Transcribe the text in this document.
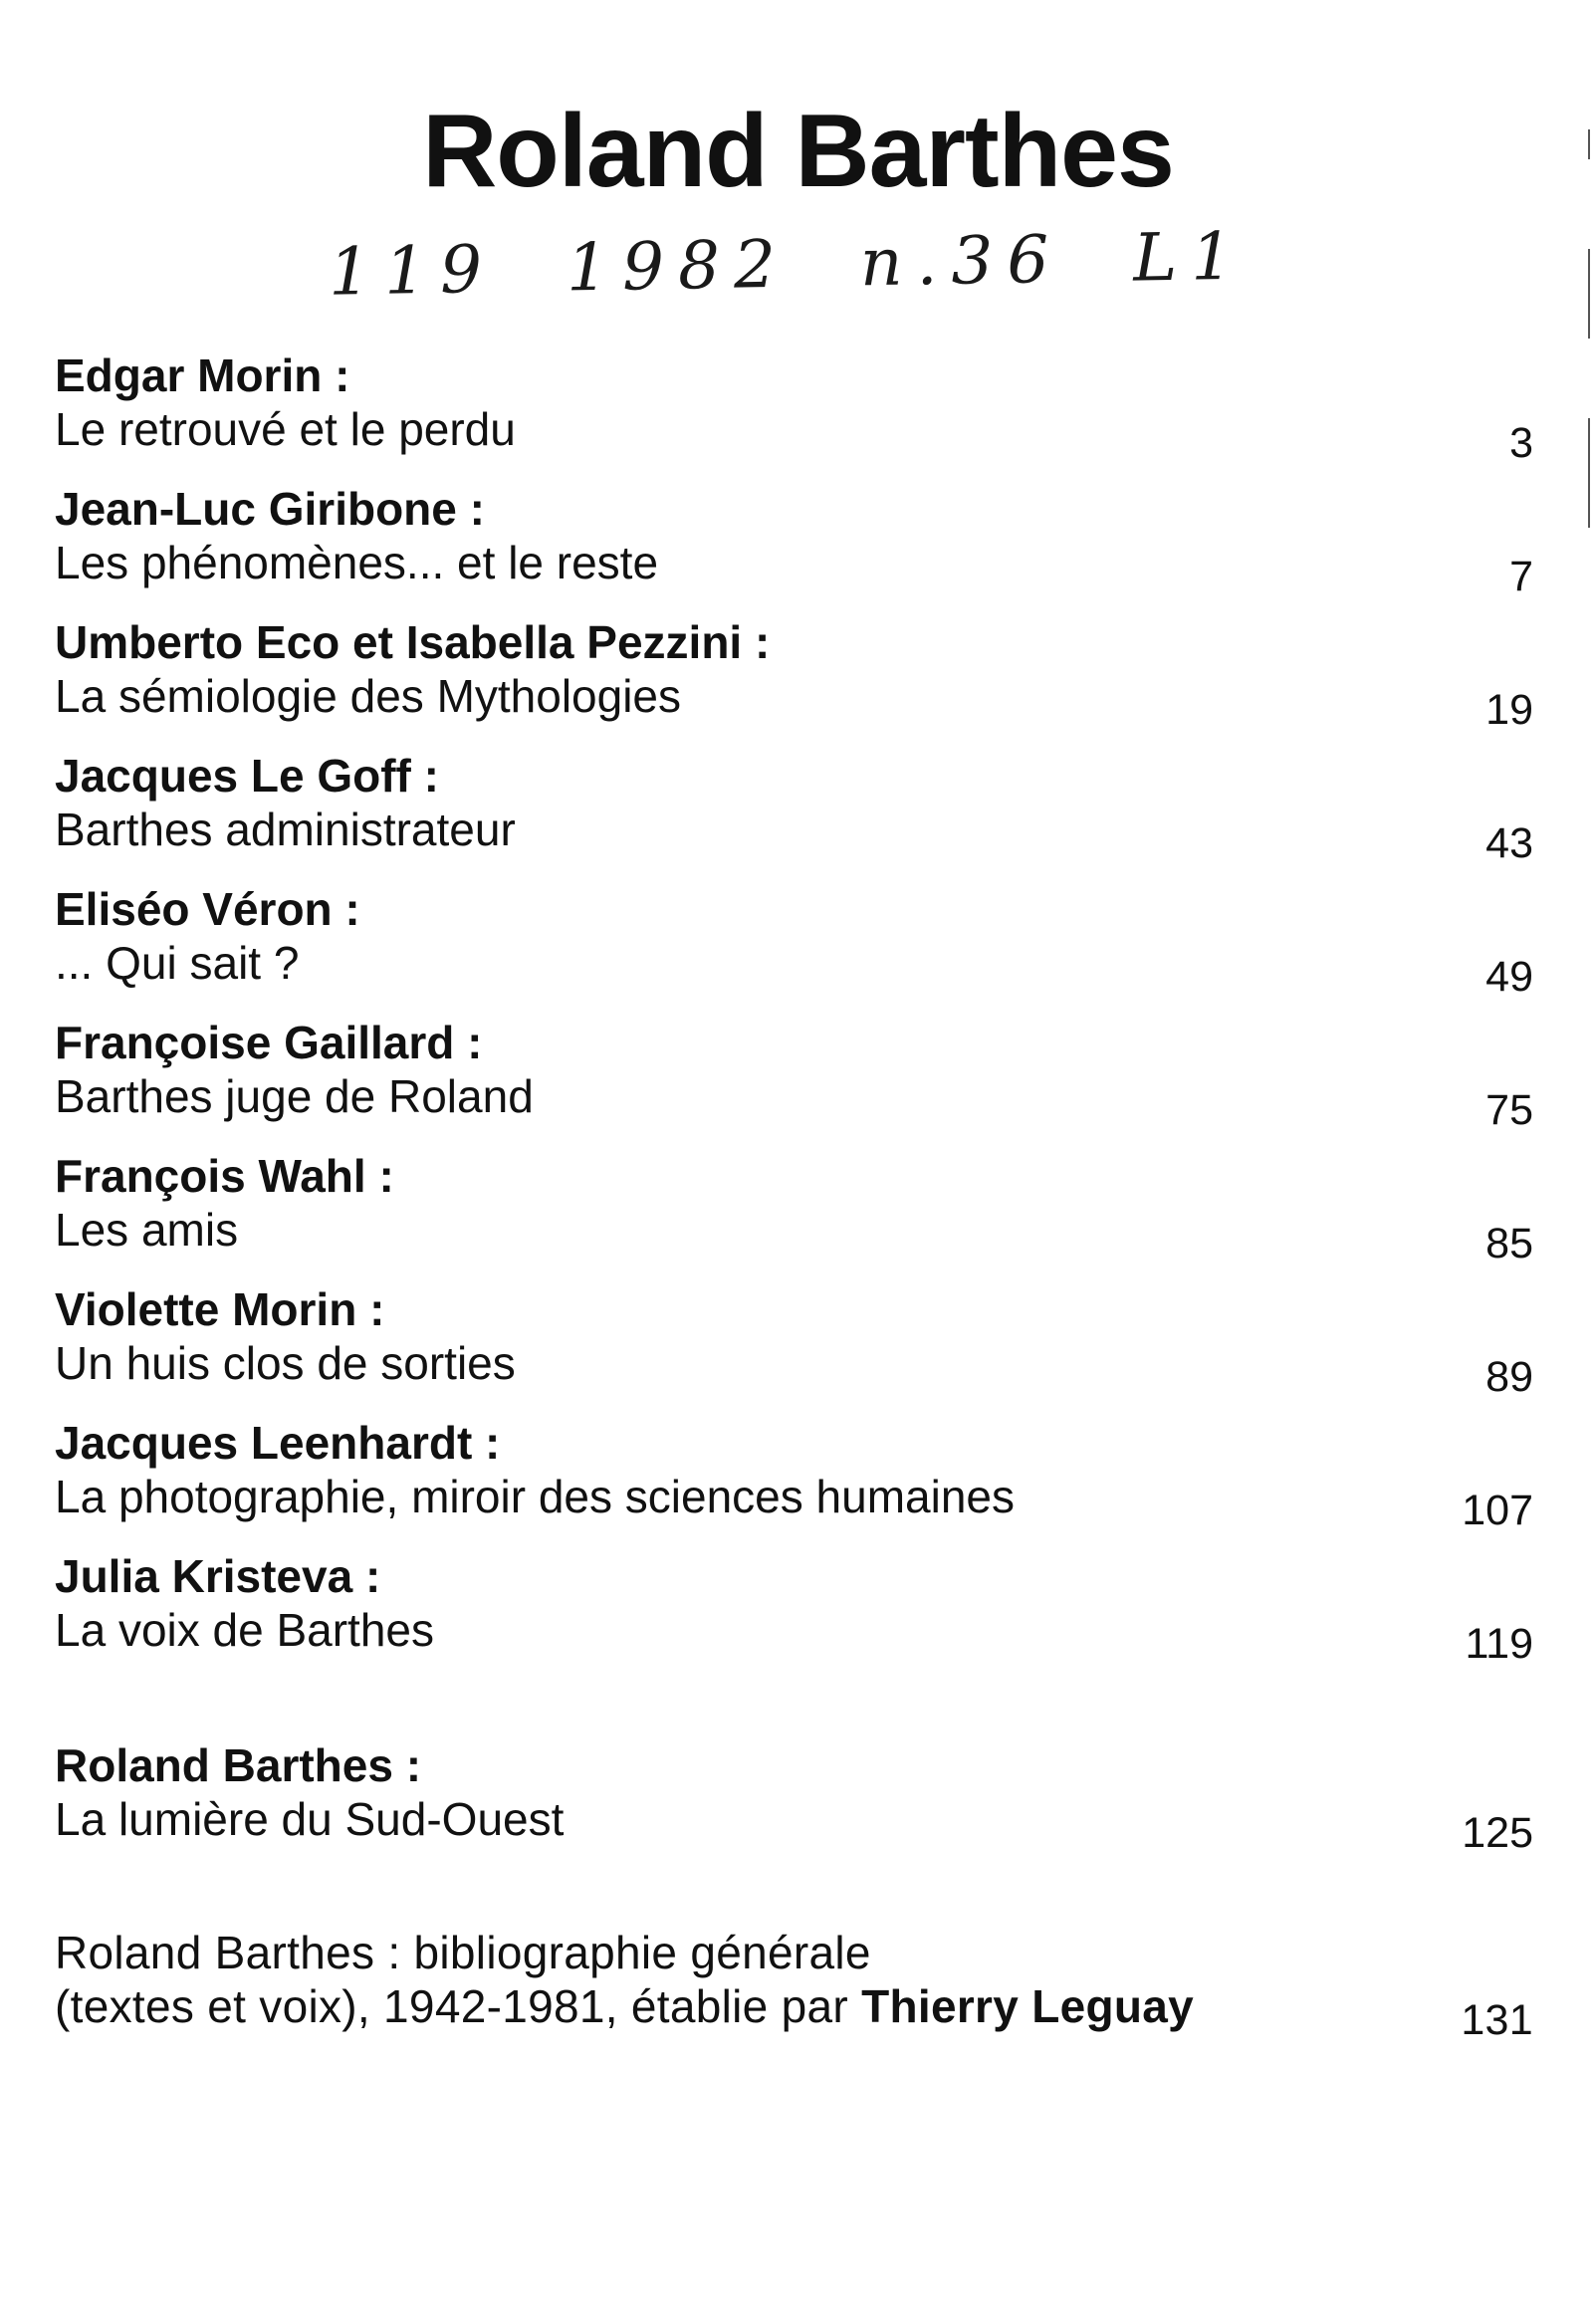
Roland Barthes
119 1982 n.36 L1
Edgar Morin :
Le retrouvé et le perdu	3
Jean-Luc Giribone :
Les phénomènes... et le reste	7
Umberto Eco et Isabella Pezzini :
La sémiologie des Mythologies	19
Jacques Le Goff :
Barthes administrateur	43
Eliséo Véron :
... Qui sait ?	49
Françoise Gaillard :
Barthes juge de Roland	75
François Wahl :
Les amis	85
Violette Morin :
Un huis clos de sorties	89
Jacques Leenhardt :
La photographie, miroir des sciences humaines	107
Julia Kristeva :
La voix de Barthes	119
Roland Barthes :
La lumière du Sud-Ouest	125
Roland Barthes : bibliographie générale
(textes et voix), 1942-1981, établie par Thierry Leguay	131
